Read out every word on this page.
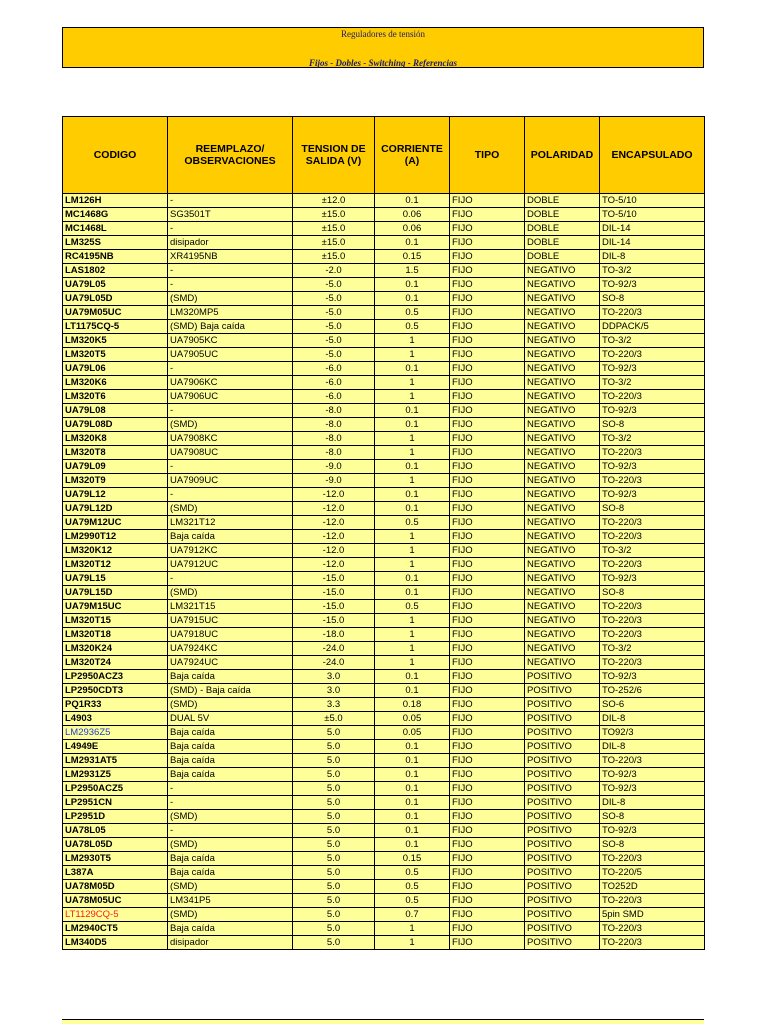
Reguladores de tensión
Fijos - Dobles - Switching - Referencias
CODIGO	REEMPLAZO/ OBSERVACIONES	TENSION DE SALIDA (V)	CORRIENTE (A)	TIPO	POLARIDAD	ENCAPSULADO
LM126H	-	±12.0	0.1	FIJO	DOBLE	TO-5/10
MC1468G	SG3501T	±15.0	0.06	FIJO	DOBLE	TO-5/10
MC1468L	-	±15.0	0.06	FIJO	DOBLE	DIL-14
LM325S	disipador	±15.0	0.1	FIJO	DOBLE	DIL-14
RC4195NB	XR4195NB	±15.0	0.15	FIJO	DOBLE	DIL-8
LAS1802	-	-2.0	1.5	FIJO	NEGATIVO	TO-3/2
UA79L05	-	-5.0	0.1	FIJO	NEGATIVO	TO-92/3
UA79L05D	(SMD)	-5.0	0.1	FIJO	NEGATIVO	SO-8
UA79M05UC	LM320MP5	-5.0	0.5	FIJO	NEGATIVO	TO-220/3
LT1175CQ-5	(SMD) Baja caída	-5.0	0.5	FIJO	NEGATIVO	DDPACK/5
LM320K5	UA7905KC	-5.0	1	FIJO	NEGATIVO	TO-3/2
LM320T5	UA7905UC	-5.0	1	FIJO	NEGATIVO	TO-220/3
UA79L06	-	-6.0	0.1	FIJO	NEGATIVO	TO-92/3
LM320K6	UA7906KC	-6.0	1	FIJO	NEGATIVO	TO-3/2
LM320T6	UA7906UC	-6.0	1	FIJO	NEGATIVO	TO-220/3
UA79L08	-	-8.0	0.1	FIJO	NEGATIVO	TO-92/3
UA79L08D	(SMD)	-8.0	0.1	FIJO	NEGATIVO	SO-8
LM320K8	UA7908KC	-8.0	1	FIJO	NEGATIVO	TO-3/2
LM320T8	UA7908UC	-8.0	1	FIJO	NEGATIVO	TO-220/3
UA79L09	-	-9.0	0.1	FIJO	NEGATIVO	TO-92/3
LM320T9	UA7909UC	-9.0	1	FIJO	NEGATIVO	TO-220/3
UA79L12	-	-12.0	0.1	FIJO	NEGATIVO	TO-92/3
UA79L12D	(SMD)	-12.0	0.1	FIJO	NEGATIVO	SO-8
UA79M12UC	LM321T12	-12.0	0.5	FIJO	NEGATIVO	TO-220/3
LM2990T12	Baja caída	-12.0	1	FIJO	NEGATIVO	TO-220/3
LM320K12	UA7912KC	-12.0	1	FIJO	NEGATIVO	TO-3/2
LM320T12	UA7912UC	-12.0	1	FIJO	NEGATIVO	TO-220/3
UA79L15	-	-15.0	0.1	FIJO	NEGATIVO	TO-92/3
UA79L15D	(SMD)	-15.0	0.1	FIJO	NEGATIVO	SO-8
UA79M15UC	LM321T15	-15.0	0.5	FIJO	NEGATIVO	TO-220/3
LM320T15	UA7915UC	-15.0	1	FIJO	NEGATIVO	TO-220/3
LM320T18	UA7918UC	-18.0	1	FIJO	NEGATIVO	TO-220/3
LM320K24	UA7924KC	-24.0	1	FIJO	NEGATIVO	TO-3/2
LM320T24	UA7924UC	-24.0	1	FIJO	NEGATIVO	TO-220/3
LP2950ACZ3	Baja caída	3.0	0.1	FIJO	POSITIVO	TO-92/3
LP2950CDT3	(SMD) - Baja caída	3.0	0.1	FIJO	POSITIVO	TO-252/6
PQ1R33	(SMD)	3.3	0.18	FIJO	POSITIVO	SO-6
L4903	DUAL 5V	±5.0	0.05	FIJO	POSITIVO	DIL-8
LM2936Z5	Baja caída	5.0	0.05	FIJO	POSITIVO	TO92/3
L4949E	Baja caída	5.0	0.1	FIJO	POSITIVO	DIL-8
LM2931AT5	Baja caída	5.0	0.1	FIJO	POSITIVO	TO-220/3
LM2931Z5	Baja caída	5.0	0.1	FIJO	POSITIVO	TO-92/3
LP2950ACZ5	-	5.0	0.1	FIJO	POSITIVO	TO-92/3
LP2951CN	-	5.0	0.1	FIJO	POSITIVO	DIL-8
LP2951D	(SMD)	5.0	0.1	FIJO	POSITIVO	SO-8
UA78L05	-	5.0	0.1	FIJO	POSITIVO	TO-92/3
UA78L05D	(SMD)	5.0	0.1	FIJO	POSITIVO	SO-8
LM2930T5	Baja caída	5.0	0.15	FIJO	POSITIVO	TO-220/3
L387A	Baja caída	5.0	0.5	FIJO	POSITIVO	TO-220/5
UA78M05D	(SMD)	5.0	0.5	FIJO	POSITIVO	TO252D
UA78M05UC	LM341P5	5.0	0.5	FIJO	POSITIVO	TO-220/3
LT1129CQ-5	(SMD)	5.0	0.7	FIJO	POSITIVO	5pin SMD
LM2940CT5	Baja caída	5.0	1	FIJO	POSITIVO	TO-220/3
LM340D5	disipador	5.0	1	FIJO	POSITIVO	TO-220/3
